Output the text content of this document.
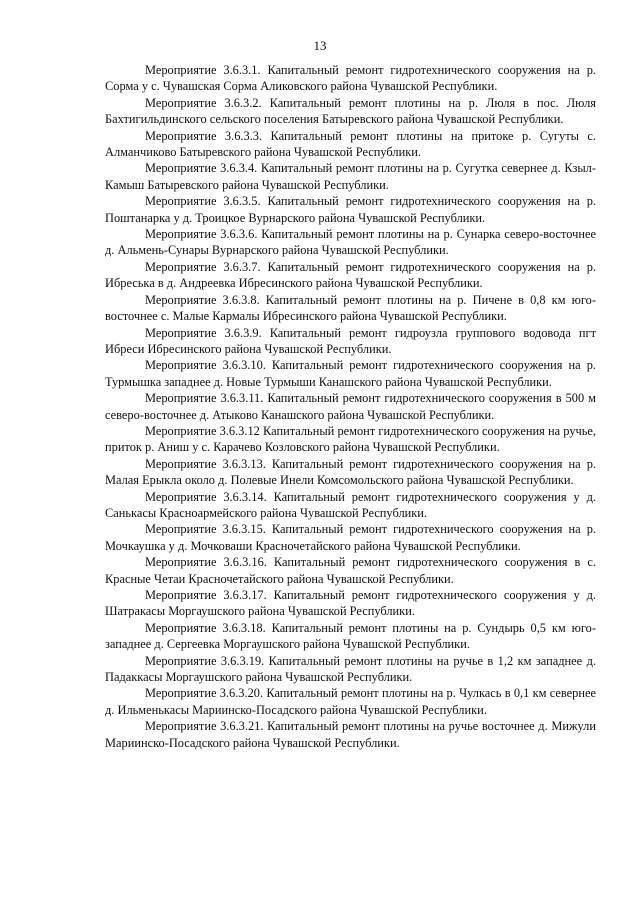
13

Мероприятие 3.6.3.1. Капитальный ремонт гидротехнического сооружения на р. Сорма у с. Чувашская Сорма Аликовского района Чувашской Республики.

Мероприятие 3.6.3.2. Капитальный ремонт плотины на р. Люля в пос. Люля Бахтигильдинского сельского поселения Батыревского района Чувашской Республики.

Мероприятие 3.6.3.3. Капитальный ремонт плотины на притоке р. Сугуты с. Алманчиково Батыревского района Чувашской Республики.

Мероприятие 3.6.3.4. Капитальный ремонт плотины на р. Сугутка севернее д. Кзыл-Камыш Батыревского района Чувашской Республики.

Мероприятие 3.6.3.5. Капитальный ремонт гидротехнического сооружения на р. Поштанарка у д. Троицкое Вурнарского района Чувашской Республики.

Мероприятие 3.6.3.6. Капитальный ремонт плотины на р. Сунарка северо-восточнее д. Альмень-Сунары Вурнарского района Чувашской Республики.

Мероприятие 3.6.3.7. Капитальный ремонт гидротехнического сооружения на р. Ибреська в д. Андреевка Ибресинского района Чувашской Республики.

Мероприятие 3.6.3.8. Капитальный ремонт плотины на р. Пичене в 0,8 км юго-восточнее с. Малые Кармалы Ибресинского района Чувашской Республики.

Мероприятие 3.6.3.9. Капитальный ремонт гидроузла группового водовода пгт Ибреси Ибресинского района Чувашской Республики.

Мероприятие 3.6.3.10. Капитальный ремонт гидротехнического сооружения на р. Турмышка западнее д. Новые Турмыши Канашского района Чувашской Республики.

Мероприятие 3.6.3.11. Капитальный ремонт гидротехнического сооружения в 500 м северо-восточнее д. Атыково Канашского района Чувашской Республики.

Мероприятие 3.6.3.12 Капитальный ремонт гидротехнического сооружения на ручье, приток р. Аниш у с. Карачево Козловского района Чувашской Республики.

Мероприятие 3.6.3.13. Капитальный ремонт гидротехнического сооружения на р. Малая Ерыкла около д. Полевые Инели Комсомольского района Чувашской Республики.

Мероприятие 3.6.3.14. Капитальный ремонт гидротехнического сооружения у д. Санькасы Красноармейского района Чувашской Республики.

Мероприятие 3.6.3.15. Капитальный ремонт гидротехнического сооружения на р. Мочкаушка у д. Мочковаши Красночетайского района Чувашской Республики.

Мероприятие 3.6.3.16. Капитальный ремонт гидротехнического сооружения в с. Красные Четаи Красночетайского района Чувашской Республики.

Мероприятие 3.6.3.17. Капитальный ремонт гидротехнического сооружения у д. Шатракасы Моргаушского района Чувашской Республики.

Мероприятие 3.6.3.18. Капитальный ремонт плотины на р. Сундырь 0,5 км юго-западнее д. Сергеевка Моргаушского района Чувашской Республики.

Мероприятие 3.6.3.19. Капитальный ремонт плотины на ручье в 1,2 км западнее д. Падаккасы Моргаушского района Чувашской Республики.

Мероприятие 3.6.3.20. Капитальный ремонт плотины на р. Чулкась в 0,1 км севернее д. Ильменькасы Мариинско-Посадского района Чувашской Республики.

Мероприятие 3.6.3.21. Капитальный ремонт плотины на ручье восточнее д. Мижули Мариинско-Посадского района Чувашской Республики.
